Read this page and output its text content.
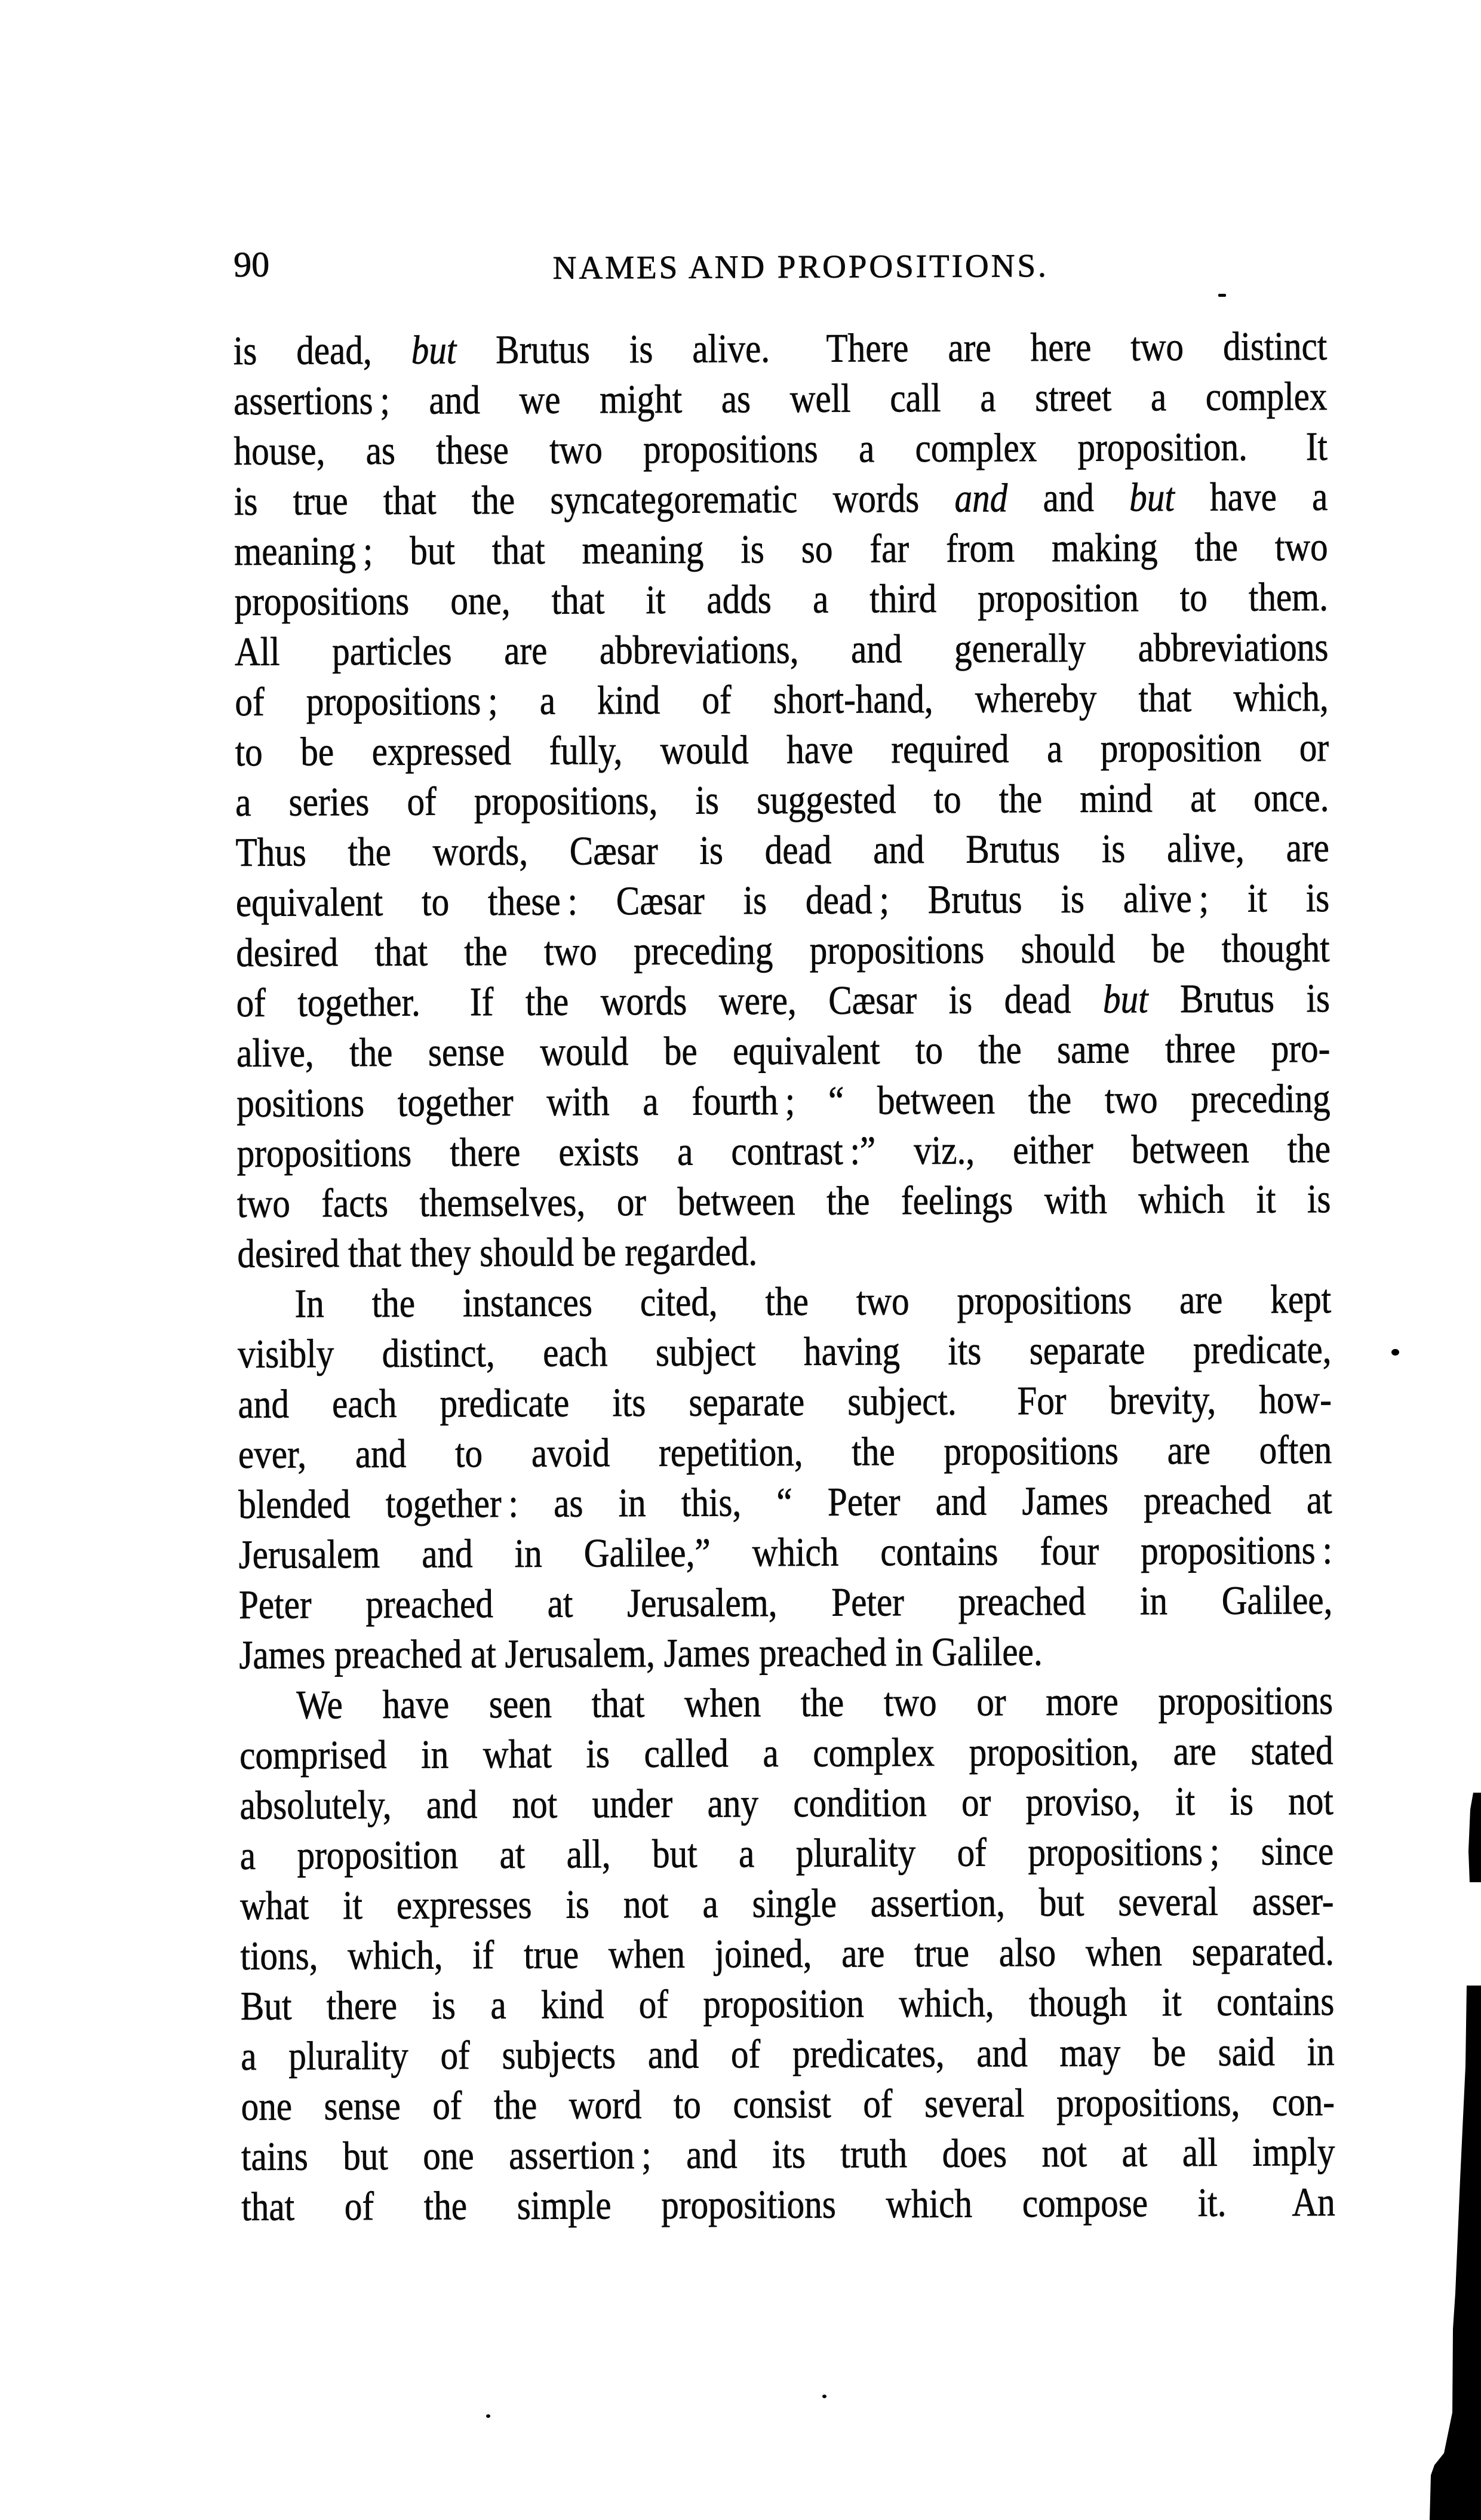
90	NAMES AND PROPOSITIONS.
is dead, but Brutus is alive.  There are here two distinct
assertions ; and we might as well call a street a complex
house, as these two propositions a complex proposition.  It
is true that the syncategorematic words and and but have a
meaning ; but that meaning is so far from making the two
propositions one, that it adds a third proposition to them.
All particles are abbreviations, and generally abbreviations
of propositions ; a kind of short-hand, whereby that which,
to be expressed fully, would have required a proposition or
a series of propositions, is suggested to the mind at once.
Thus the words, Cæsar is dead and Brutus is alive, are
equivalent to these : Cæsar is dead ; Brutus is alive ; it is
desired that the two preceding propositions should be thought
of together.  If the words were, Cæsar is dead but Brutus is
alive, the sense would be equivalent to the same three pro-
positions together with a fourth ; “ between the two preceding
propositions there exists a contrast :” viz., either between the
two facts themselves, or between the feelings with which it is
desired that they should be regarded.
In the instances cited, the two propositions are kept
visibly distinct, each subject having its separate predicate,
and each predicate its separate subject.  For brevity, how-
ever, and to avoid repetition, the propositions are often
blended together : as in this, “ Peter and James preached at
Jerusalem and in Galilee,” which contains four propositions :
Peter preached at Jerusalem, Peter preached in Galilee,
James preached at Jerusalem, James preached in Galilee.
We have seen that when the two or more propositions
comprised in what is called a complex proposition, are stated
absolutely, and not under any condition or proviso, it is not
a proposition at all, but a plurality of propositions ; since
what it expresses is not a single assertion, but several asser-
tions, which, if true when joined, are true also when separated.
But there is a kind of proposition which, though it contains
a plurality of subjects and of predicates, and may be said in
one sense of the word to consist of several propositions, con-
tains but one assertion ; and its truth does not at all imply
that of the simple propositions which compose it.  An
